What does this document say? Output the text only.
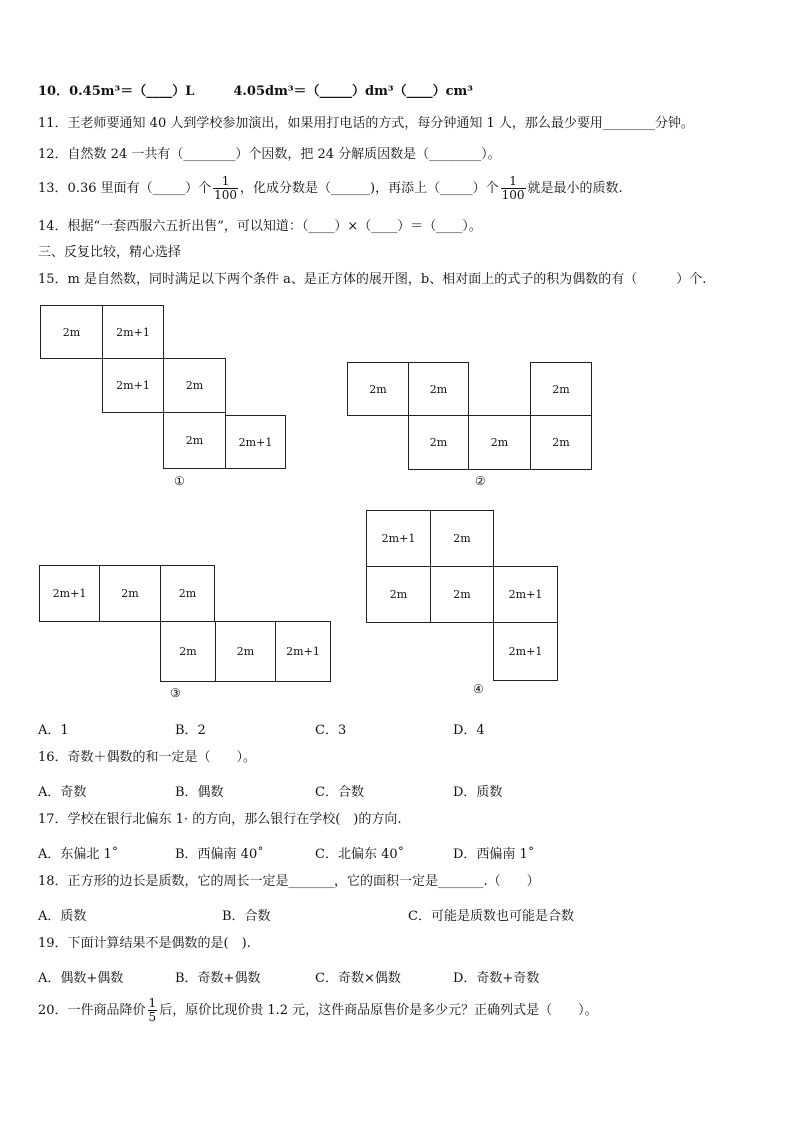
10．0.45m³＝（____）L　　　4.05dm³＝（_____）dm³（____）cm³
11．王老师要通知 40 人到学校参加演出，如果用打电话的方式，每分钟通知 1 人，那么最少要用________分钟。
12．自然数 24 一共有（________）个因数，把 24 分解质因数是（________）。
13．0.36 里面有（_____）个 $\frac{1}{100}$ ，化成分数是（______)，再添上（_____）个 $\frac{1}{100}$ 就是最小的质数.
14．根据“一套西服六五折出售”，可以知道：（____）×（____）＝（____）。
三、反复比较，精心选择
15．m 是自然数，同时满足以下两个条件 a、是正方体的展开图，b、相对面上的式子的积为偶数的有（　　　）个.
2m	2m+1
2m+1	2m
2m	2m+1
①
2m	2m	2m
2m	2m	2m
②
2m+1	2m	2m
2m	2m	2m+1
③
2m+1	2m
2m	2m	2m+1
2m+1
④
A．1	B．2	C．3	D．4
16．奇数＋偶数的和一定是（　　）。
A．奇数	B．偶数	C．合数	D．质数
17．学校在银行北偏东 1· 的方向，那么银行在学校(　)的方向.
A．东偏北 1˚	B．西偏南 40˚	C．北偏东 40˚	D．西偏南 1˚
18．正方形的边长是质数，它的周长一定是_______，它的面积一定是_______.（　　）
A．质数	B．合数	C．可能是质数也可能是合数
19．下面计算结果不是偶数的是(　).
A．偶数+偶数	B．奇数+偶数	C．奇数×偶数	D．奇数+奇数
20．一件商品降价 $\frac{1}{5}$ 后，原价比现价贵 1.2 元，这件商品原售价是多少元？正确列式是（　　）。
